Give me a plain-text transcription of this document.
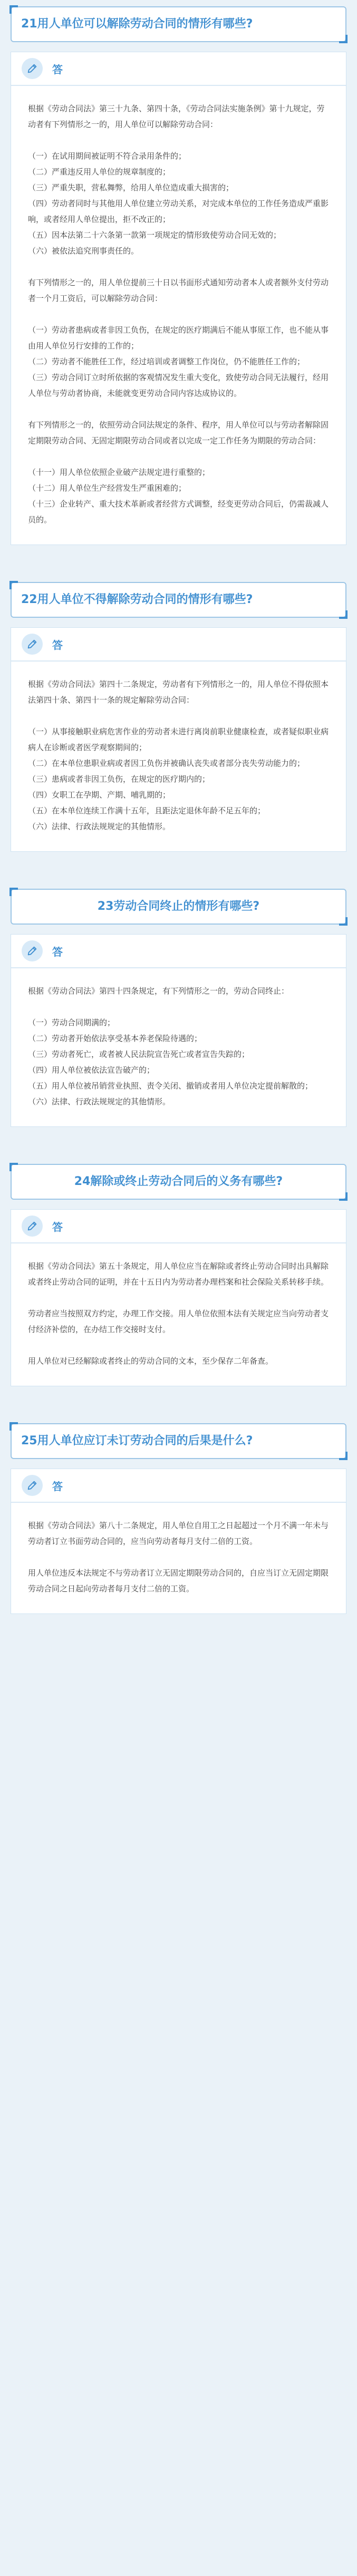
21用人单位可以解除劳动合同的情形有哪些?
答

根据《劳动合同法》第三十九条、第四十条，《劳动合同法实施条例》第十九规定，劳动者有下列情形之一的，用人单位可以解除劳动合同：

（一）在试用期间被证明不符合录用条件的；

（二）严重违反用人单位的规章制度的；

（三）严重失职，营私舞弊，给用人单位造成重大损害的；

（四）劳动者同时与其他用人单位建立劳动关系，对完成本单位的工作任务造成严重影响，或者经用人单位提出，拒不改正的；

（五）因本法第二十六条第一款第一项规定的情形致使劳动合同无效的；

（六）被依法追究刑事责任的。

有下列情形之一的，用人单位提前三十日以书面形式通知劳动者本人或者额外支付劳动者一个月工资后，可以解除劳动合同：

（一）劳动者患病或者非因工负伤，在规定的医疗期满后不能从事原工作，也不能从事由用人单位另行安排的工作的；

（二）劳动者不能胜任工作，经过培训或者调整工作岗位，仍不能胜任工作的；

（三）劳动合同订立时所依据的客观情况发生重大变化，致使劳动合同无法履行，经用人单位与劳动者协商，未能就变更劳动合同内容达成协议的。

有下列情形之一的，依照劳动合同法规定的条件、程序，用人单位可以与劳动者解除固定期限劳动合同、无固定期限劳动合同或者以完成一定工作任务为期限的劳动合同：

（十一）用人单位依照企业破产法规定进行重整的；

（十二）用人单位生产经营发生严重困难的；

（十三）企业转产、重大技术革新或者经营方式调整，经变更劳动合同后，仍需裁减人员的。

22用人单位不得解除劳动合同的情形有哪些?
答

根据《劳动合同法》第四十二条规定，劳动者有下列情形之一的，用人单位不得依照本法第四十条、第四十一条的规定解除劳动合同：

（一）从事接触职业病危害作业的劳动者未进行离岗前职业健康检查，或者疑似职业病病人在诊断或者医学观察期间的；

（二）在本单位患职业病或者因工负伤并被确认丧失或者部分丧失劳动能力的；

（三）患病或者非因工负伤，在规定的医疗期内的；

（四）女职工在孕期、产期、哺乳期的；

（五）在本单位连续工作满十五年，且距法定退休年龄不足五年的；

（六）法律、行政法规规定的其他情形。

23劳动合同终止的情形有哪些?
答

根据《劳动合同法》第四十四条规定，有下列情形之一的，劳动合同终止：

（一）劳动合同期满的；

（二）劳动者开始依法享受基本养老保险待遇的；

（三）劳动者死亡，或者被人民法院宣告死亡或者宣告失踪的；

（四）用人单位被依法宣告破产的；

（五）用人单位被吊销营业执照、责令关闭、撤销或者用人单位决定提前解散的；

（六）法律、行政法规规定的其他情形。

24解除或终止劳动合同后的义务有哪些?
答

根据《劳动合同法》第五十条规定，用人单位应当在解除或者终止劳动合同时出具解除或者终止劳动合同的证明，并在十五日内为劳动者办理档案和社会保险关系转移手续。

劳动者应当按照双方约定，办理工作交接。用人单位依照本法有关规定应当向劳动者支付经济补偿的，在办结工作交接时支付。

用人单位对已经解除或者终止的劳动合同的文本，至少保存二年备查。

25用人单位应订未订劳动合同的后果是什么?
答

根据《劳动合同法》第八十二条规定，用人单位自用工之日起超过一个月不满一年未与劳动者订立书面劳动合同的，应当向劳动者每月支付二倍的工资。

用人单位违反本法规定不与劳动者订立无固定期限劳动合同的，自应当订立无固定期限劳动合同之日起向劳动者每月支付二倍的工资。
